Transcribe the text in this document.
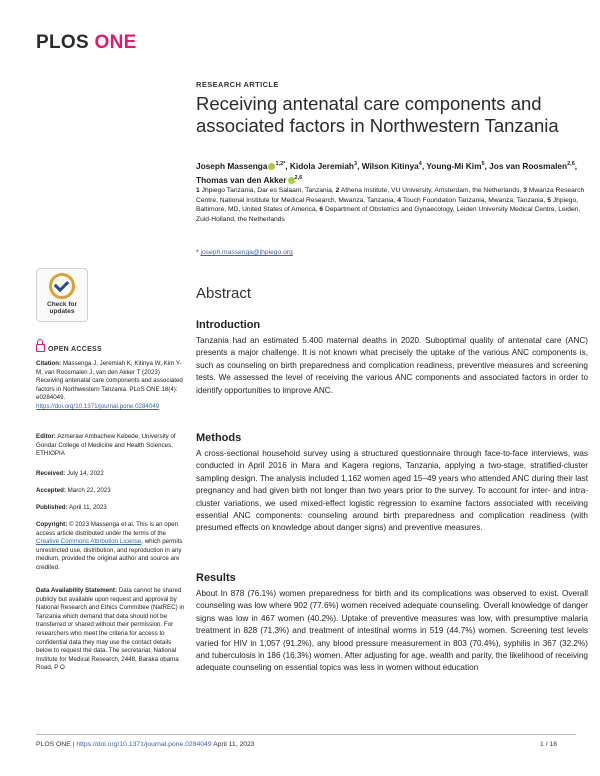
PLOS ONE
RESEARCH ARTICLE
Receiving antenatal care components and associated factors in Northwestern Tanzania
Joseph Massenga $^{1,2*}$, Kidola Jeremiah$^3$, Wilson Kitinya$^4$, Young-Mi Kim$^5$, Jos van Roosmalen$^{2,6}$, Thomas van den Akker $^{2,6}$
1 Jhpiego Tanzania, Dar es Salaam, Tanzania, 2 Athena Institute, VU University, Amsterdam, the Netherlands, 3 Mwanza Research Centre, National Institute for Medical Research, Mwanza, Tanzania, 4 Touch Foundation Tanzania, Mwanza, Tanzania, 5 Jhpiego, Baltimore, MD, United States of America, 6 Department of Obstetrics and Gynaecology, Leiden University Medical Centre, Leiden, Zuid-Holland, the Netherlands
* joseph.massenga@jhpiego.org
Check for
updates
OPEN ACCESS
Citation: Massenga J, Jeremiah K, Kitinya W, Kim Y-M, van Roosmalen J, van den Akker T (2023) Receiving antenatal care components and associated factors in Northwestern Tanzania. PLoS ONE 18(4): e0284049. https://doi.org/10.1371/journal.pone.0284049
Editor: Azmeraw Ambachew Kebede, University of Gondar College of Medicine and Health Sciences, ETHIOPIA
Received: July 14, 2022
Accepted: March 22, 2023
Published: April 11, 2023
Copyright: © 2023 Massenga et al. This is an open access article distributed under the terms of the Creative Commons Attribution License, which permits unrestricted use, distribution, and reproduction in any medium, provided the original author and source are credited.
Data Availability Statement: Data cannot be shared publicly but available upon request and approval by National Research and Ethics Committee (NatREC) in Tanzania which demand that data should not be transferred or shared without their permission. For researchers who meet the criteria for access to confidential data they may use the contact details below to request the data. The secretariat, National Institute for Medical Research, 2448, Baraka obama Road, P O
Abstract
Introduction
Tanzania had an estimated 5.400 maternal deaths in 2020. Suboptimal quality of antenatal care (ANC) presents a major challenge. It is not known what precisely the uptake of the various ANC components is, such as counseling on birth preparedness and complication readiness, preventive measures and screening tests. We assessed the level of receiving the various ANC components and associated factors in order to identify opportunities to improve ANC.
Methods
A cross-sectional household survey using a structured questionnaire through face-to-face interviews, was conducted in April 2016 in Mara and Kagera regions, Tanzania, applying a two-stage, stratified-cluster sampling design. The analysis included 1,162 women aged 15–49 years who attended ANC during their last pregnancy and had given birth not longer than two years prior to the survey. To account for inter- and intra-cluster variations, we used mixed-effect logistic regression to examine factors associated with receiving essential ANC components: counseling around birth preparedness and complication readiness (with presumed effects on knowledge about danger signs) and preventive measures.
Results
About In 878 (76.1%) women preparedness for birth and its complications was observed to exist. Overall counseling was low where 902 (77.6%) women received adequate counseling. Overall knowledge of danger signs was low in 467 women (40.2%). Uptake of preventive measures was low, with presumptive malaria treatment in 828 (71.3%) and treatment of intestinal worms in 519 (44.7%) women. Screening test levels varied for HIV in 1,057 (91.2%), any blood pressure measurement in 803 (70.4%), syphilis in 367 (32.2%) and tuberculosis in 186 (16.3%) women. After adjusting for age, wealth and parity, the likelihood of receiving adequate counseling on essential topics was less in women without education
PLOS ONE | https://doi.org/10.1371/journal.pone.0284049 April 11, 2023	1 / 18
